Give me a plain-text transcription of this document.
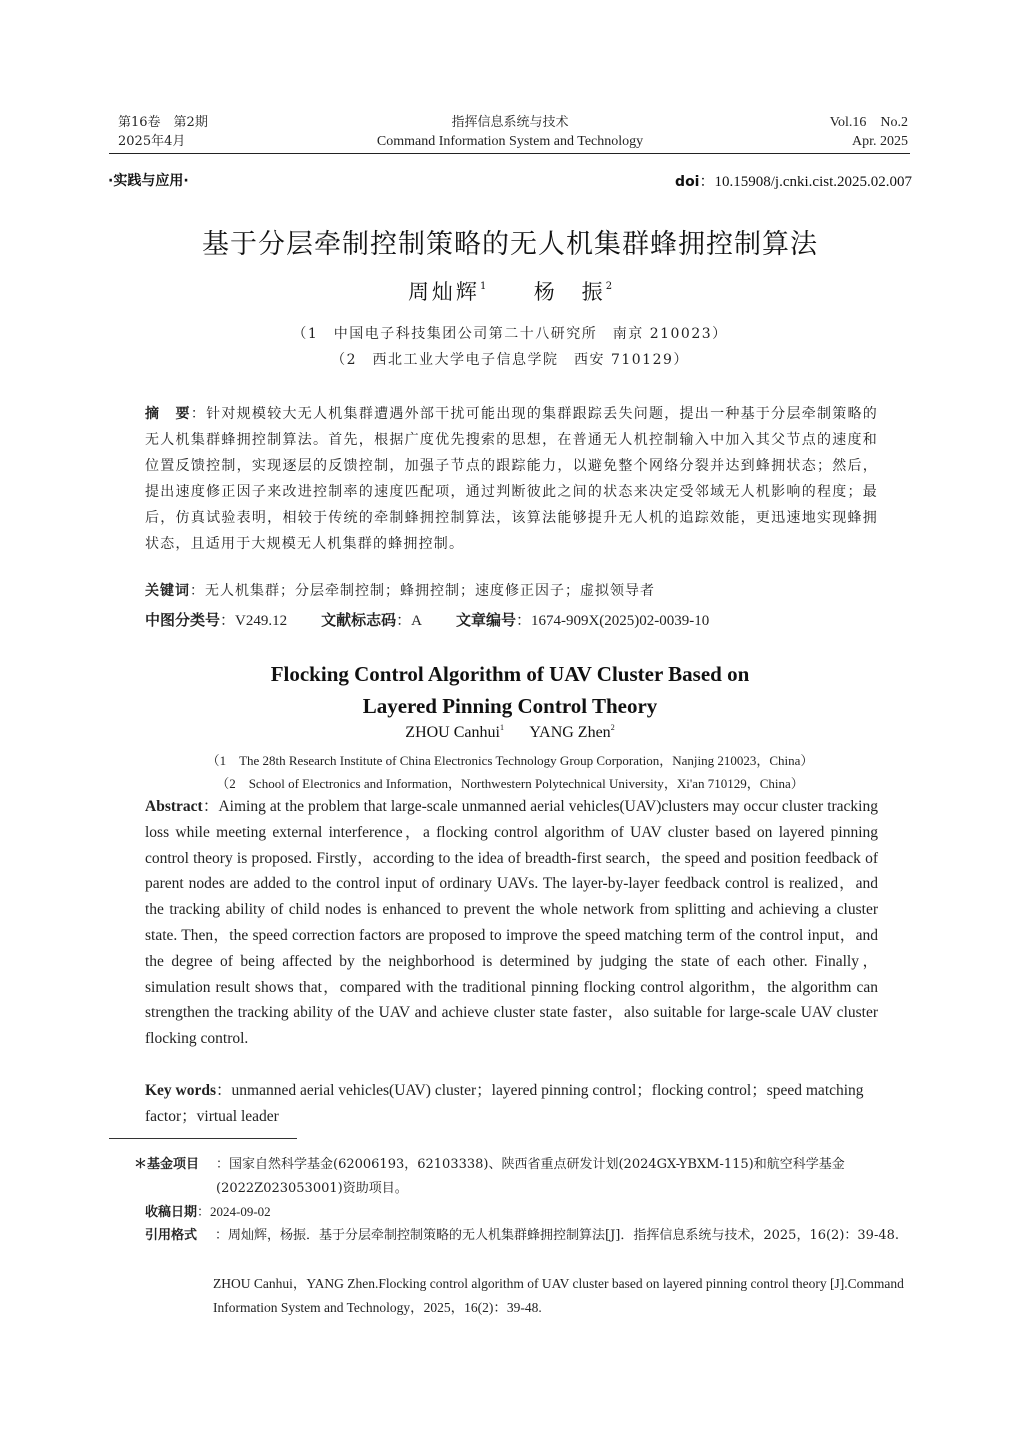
第16卷　第2期
2025年4月
指挥信息系统与技术
Command Information System and Technology
Vol.16　No.2
Apr. 2025
·实践与应用·	doi：10.15908/j.cnki.cist.2025.02.007
基于分层牵制控制策略的无人机集群蜂拥控制算法
周灿辉$^1$ 杨　振$^2$
（1　中国电子科技集团公司第二十八研究所　南京 210023）
（2　西北工业大学电子信息学院　西安 710129）
摘　要：针对规模较大无人机集群遭遇外部干扰可能出现的集群跟踪丢失问题，提出一种基于分层牵制策略的无人机集群蜂拥控制算法。首先，根据广度优先搜索的思想，在普通无人机控制输入中加入其父节点的速度和位置反馈控制，实现逐层的反馈控制，加强子节点的跟踪能力，以避免整个网络分裂并达到蜂拥状态；然后，提出速度修正因子来改进控制率的速度匹配项，通过判断彼此之间的状态来决定受邻域无人机影响的程度；最后，仿真试验表明，相较于传统的牵制蜂拥控制算法，该算法能够提升无人机的追踪效能，更迅速地实现蜂拥状态，且适用于大规模无人机集群的蜂拥控制。
关键词：无人机集群；分层牵制控制；蜂拥控制；速度修正因子；虚拟领导者
中图分类号 ：V249.12 文献标志码 ：A 文章编号 ：1674-909X(2025)02-0039-10
Flocking Control Algorithm of UAV Cluster Based on
Layered Pinning Control Theory
ZHOU Canhui$^1$ YANG Zhen$^2$
（1　The 28th Research Institute of China Electronics Technology Group Corporation，Nanjing 210023，China）
（2　School of Electronics and Information，Northwestern Polytechnical University，Xi'an 710129，China）
Abstract：Aiming at the problem that large-scale unmanned aerial vehicles(UAV)clusters may occur cluster tracking loss while meeting external interference，a flocking control algorithm of UAV cluster based on layered pinning control theory is proposed. Firstly，according to the idea of breadth-first search，the speed and position feedback of parent nodes are added to the control input of ordinary UAVs. The layer-by-layer feedback control is realized，and the tracking ability of child nodes is enhanced to prevent the whole network from splitting and achieving a cluster state. Then，the speed correction factors are proposed to improve the speed matching term of the control input，and the degree of being affected by the neighborhood is determined by judging the state of each other. Finally，simulation result shows that，compared with the traditional pinning flocking control algorithm，the algorithm can strengthen the tracking ability of the UAV and achieve cluster state faster，also suitable for large-scale UAV cluster flocking control.
Key words：unmanned aerial vehicles(UAV) cluster；layered pinning control；flocking control；speed matching factor；virtual leader
＊基金项目 ：国家自然科学基金(62006193，62103338)、陕西省重点研发计划(2024GX-YBXM-115)和航空科学基金(2022Z023053001)资助项目。
收稿日期：2024-09-02
引用格式 ：周灿辉，杨振．基于分层牵制控制策略的无人机集群蜂拥控制算法[J]．指挥信息系统与技术，2025，16(2)：39-48.
ZHOU Canhui，YANG Zhen.Flocking control algorithm of UAV cluster based on layered pinning control theory [J].Command Information System and Technology，2025，16(2)：39-48.
